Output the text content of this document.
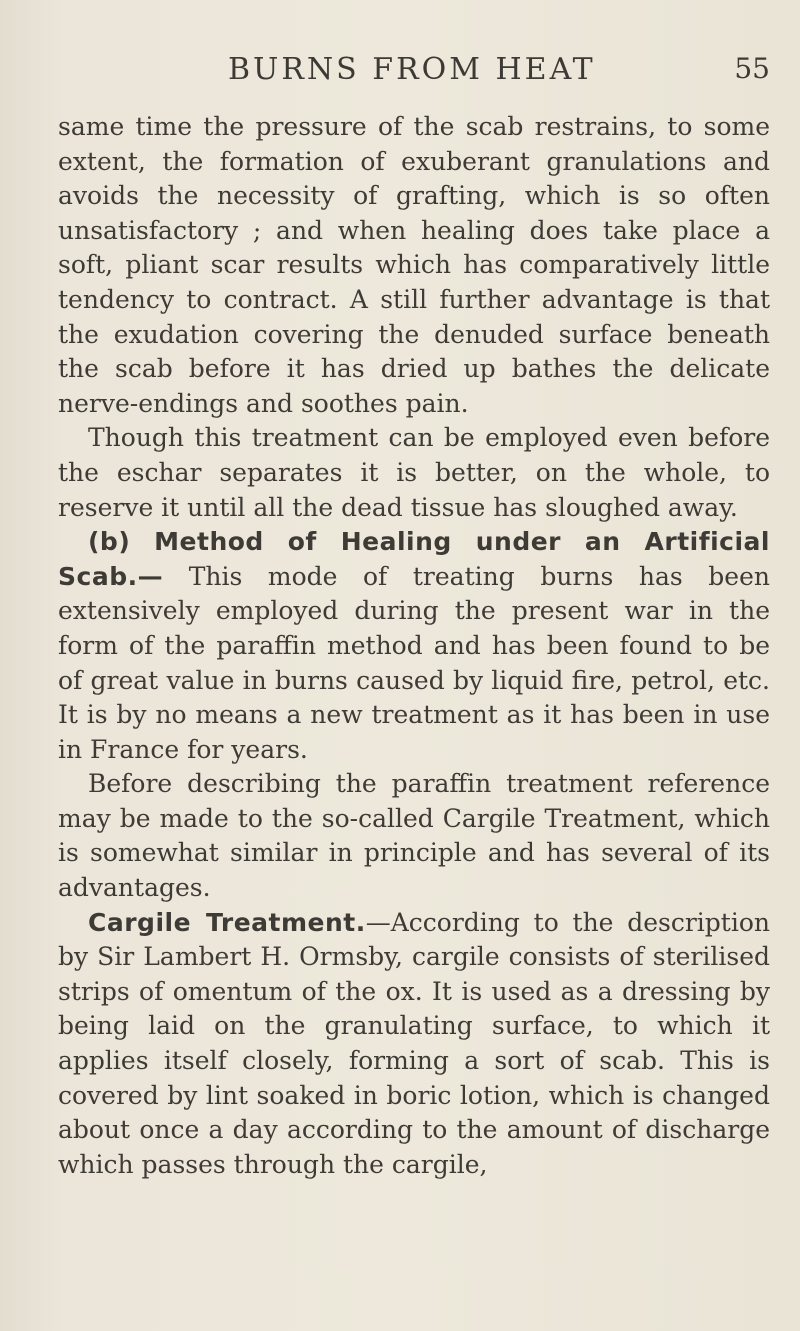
BURNS FROM HEAT	55

same time the pressure of the scab restrains, to some extent, the formation of exuberant granulations and avoids the necessity of grafting, which is so often unsatisfactory ; and when healing does take place a soft, pliant scar results which has comparatively little tendency to contract. A still further advantage is that the exudation covering the denuded surface beneath the scab before it has dried up bathes the delicate nerve-endings and soothes pain.

Though this treatment can be employed even before the eschar separates it is better, on the whole, to reserve it until all the dead tissue has sloughed away.

(b) Method of Healing under an Artificial Scab.— This mode of treating burns has been extensively employed during the present war in the form of the paraffin method and has been found to be of great value in burns caused by liquid fire, petrol, etc. It is by no means a new treatment as it has been in use in France for years.

Before describing the paraffin treatment reference may be made to the so-called Cargile Treatment, which is somewhat similar in principle and has several of its advantages.

Cargile Treatment.—According to the description by Sir Lambert H. Ormsby, cargile consists of sterilised strips of omentum of the ox. It is used as a dressing by being laid on the granulating surface, to which it applies itself closely, forming a sort of scab. This is covered by lint soaked in boric lotion, which is changed about once a day according to the amount of discharge which passes through the cargile,
